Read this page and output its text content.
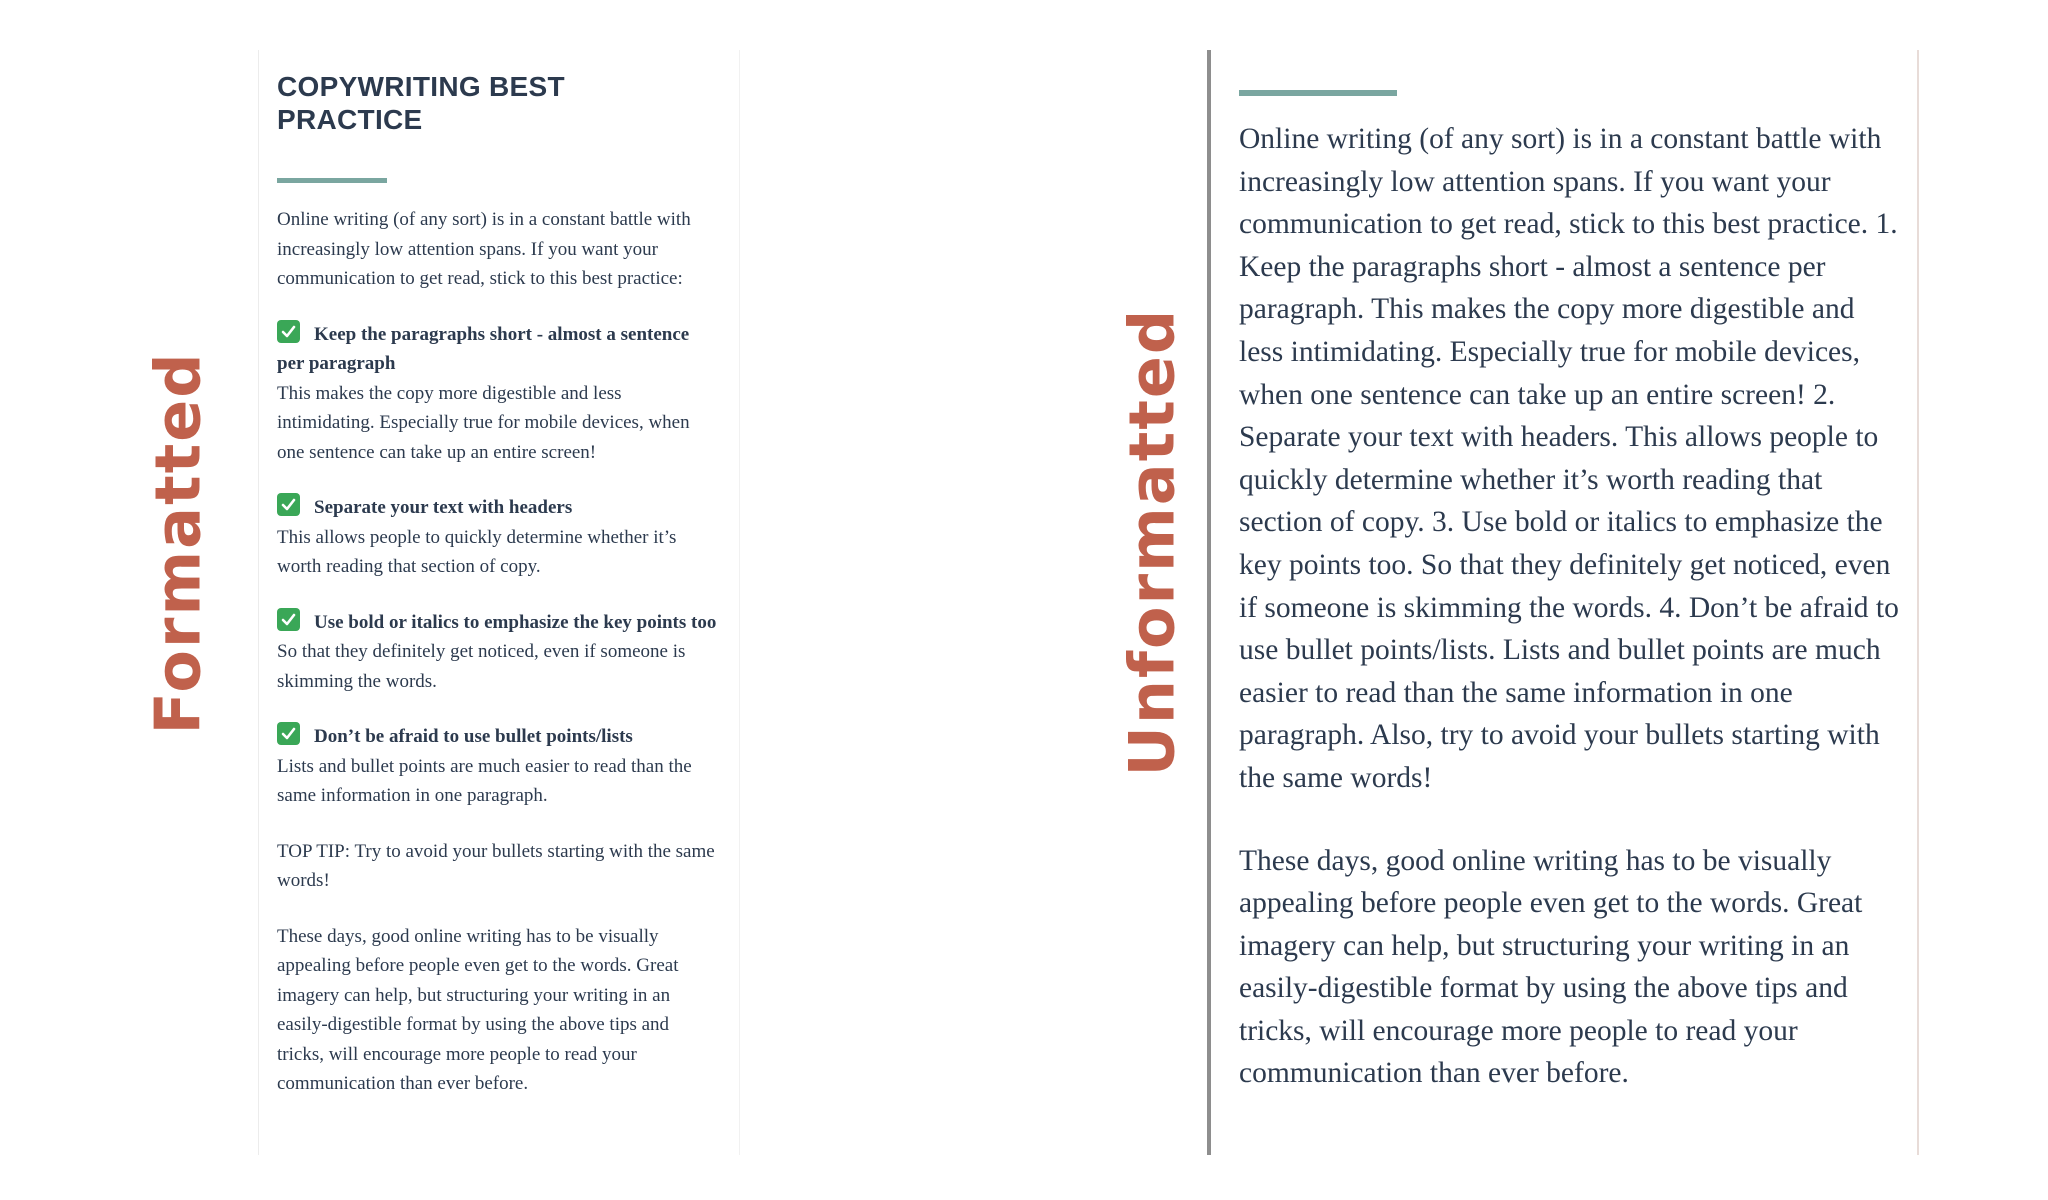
Formatted	Unformatted
COPYWRITING BEST PRACTICE

Online writing (of any sort) is in a constant battle with increasingly low attention spans. If you want your communication to get read, stick to this best practice:

Keep the paragraphs short - almost a sentence per paragraph
This makes the copy more digestible and less intimidating. Especially true for mobile devices, when one sentence can take up an entire screen!
Separate your text with headers
This allows people to quickly determine whether it’s worth reading that section of copy.
Use bold or italics to emphasize the key points too
So that they definitely get noticed, even if someone is skimming the words.
Don’t be afraid to use bullet points/lists
Lists and bullet points are much easier to read than the same information in one paragraph.

TOP TIP: Try to avoid your bullets starting with the same words!

These days, good online writing has to be visually appealing before people even get to the words. Great imagery can help, but structuring your writing in an easily-digestible format by using the above tips and tricks, will encourage more people to read your communication than ever before.

Online writing (of any sort) is in a constant battle with increasingly low attention spans. If you want your communication to get read, stick to this best practice. 1. Keep the paragraphs short - almost a sentence per paragraph. This makes the copy more digestible and less intimidating. Especially true for mobile devices, when one sentence can take up an entire screen! 2. Separate your text with headers. This allows people to quickly determine whether it’s worth reading that section of copy. 3. Use bold or italics to emphasize the key points too. So that they definitely get noticed, even if someone is skimming the words. 4. Don’t be afraid to use bullet points/lists. Lists and bullet points are much easier to read than the same information in one paragraph. Also, try to avoid your bullets starting with the same words!

These days, good online writing has to be visually appealing before people even get to the words. Great imagery can help, but structuring your writing in an easily-digestible format by using the above tips and tricks, will encourage more people to read your communication than ever before.
